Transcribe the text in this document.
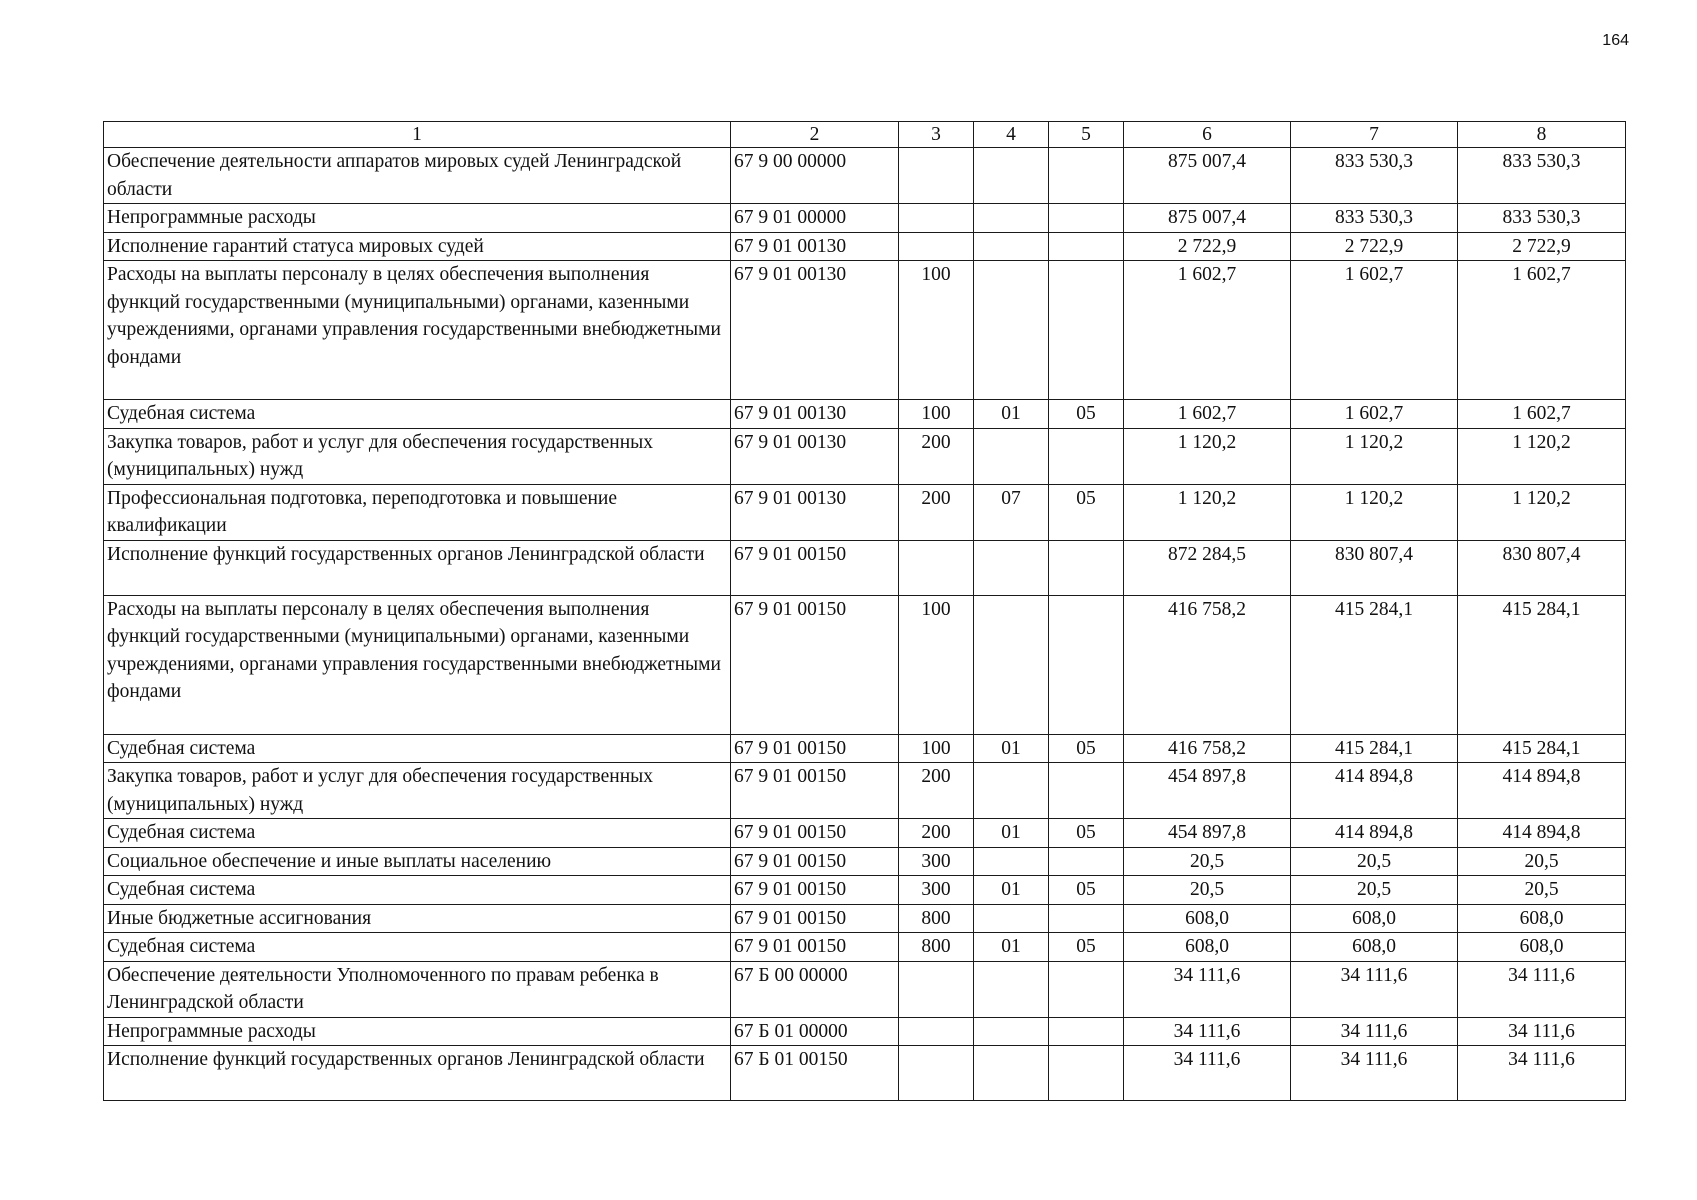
164
1	2	3	4	5	6	7	8
Обеспечение деятельности аппаратов мировых судей Ленинградской области	67 9 00 00000				875 007,4	833 530,3	833 530,3
Непрограммные расходы	67 9 01 00000				875 007,4	833 530,3	833 530,3
Исполнение гарантий статуса мировых судей	67 9 01 00130				2 722,9	2 722,9	2 722,9
Расходы на выплаты персоналу в целях обеспечения выполнения функций государственными (муниципальными) органами, казенными учреждениями, органами управления государственными внебюджетными фондами	67 9 01 00130	100			1 602,7	1 602,7	1 602,7
Судебная система	67 9 01 00130	100	01	05	1 602,7	1 602,7	1 602,7
Закупка товаров, работ и услуг для обеспечения государственных (муниципальных) нужд	67 9 01 00130	200			1 120,2	1 120,2	1 120,2
Профессиональная подготовка, переподготовка и повышение квалификации	67 9 01 00130	200	07	05	1 120,2	1 120,2	1 120,2
Исполнение функций государственных органов Ленинградской области	67 9 01 00150				872 284,5	830 807,4	830 807,4
Расходы на выплаты персоналу в целях обеспечения выполнения функций государственными (муниципальными) органами, казенными учреждениями, органами управления государственными внебюджетными фондами	67 9 01 00150	100			416 758,2	415 284,1	415 284,1
Судебная система	67 9 01 00150	100	01	05	416 758,2	415 284,1	415 284,1
Закупка товаров, работ и услуг для обеспечения государственных (муниципальных) нужд	67 9 01 00150	200			454 897,8	414 894,8	414 894,8
Судебная система	67 9 01 00150	200	01	05	454 897,8	414 894,8	414 894,8
Социальное обеспечение и иные выплаты населению	67 9 01 00150	300			20,5	20,5	20,5
Судебная система	67 9 01 00150	300	01	05	20,5	20,5	20,5
Иные бюджетные ассигнования	67 9 01 00150	800			608,0	608,0	608,0
Судебная система	67 9 01 00150	800	01	05	608,0	608,0	608,0
Обеспечение деятельности Уполномоченного по правам ребенка в Ленинградской области	67 Б 00 00000				34 111,6	34 111,6	34 111,6
Непрограммные расходы	67 Б 01 00000				34 111,6	34 111,6	34 111,6
Исполнение функций государственных органов Ленинградской области	67 Б 01 00150				34 111,6	34 111,6	34 111,6
